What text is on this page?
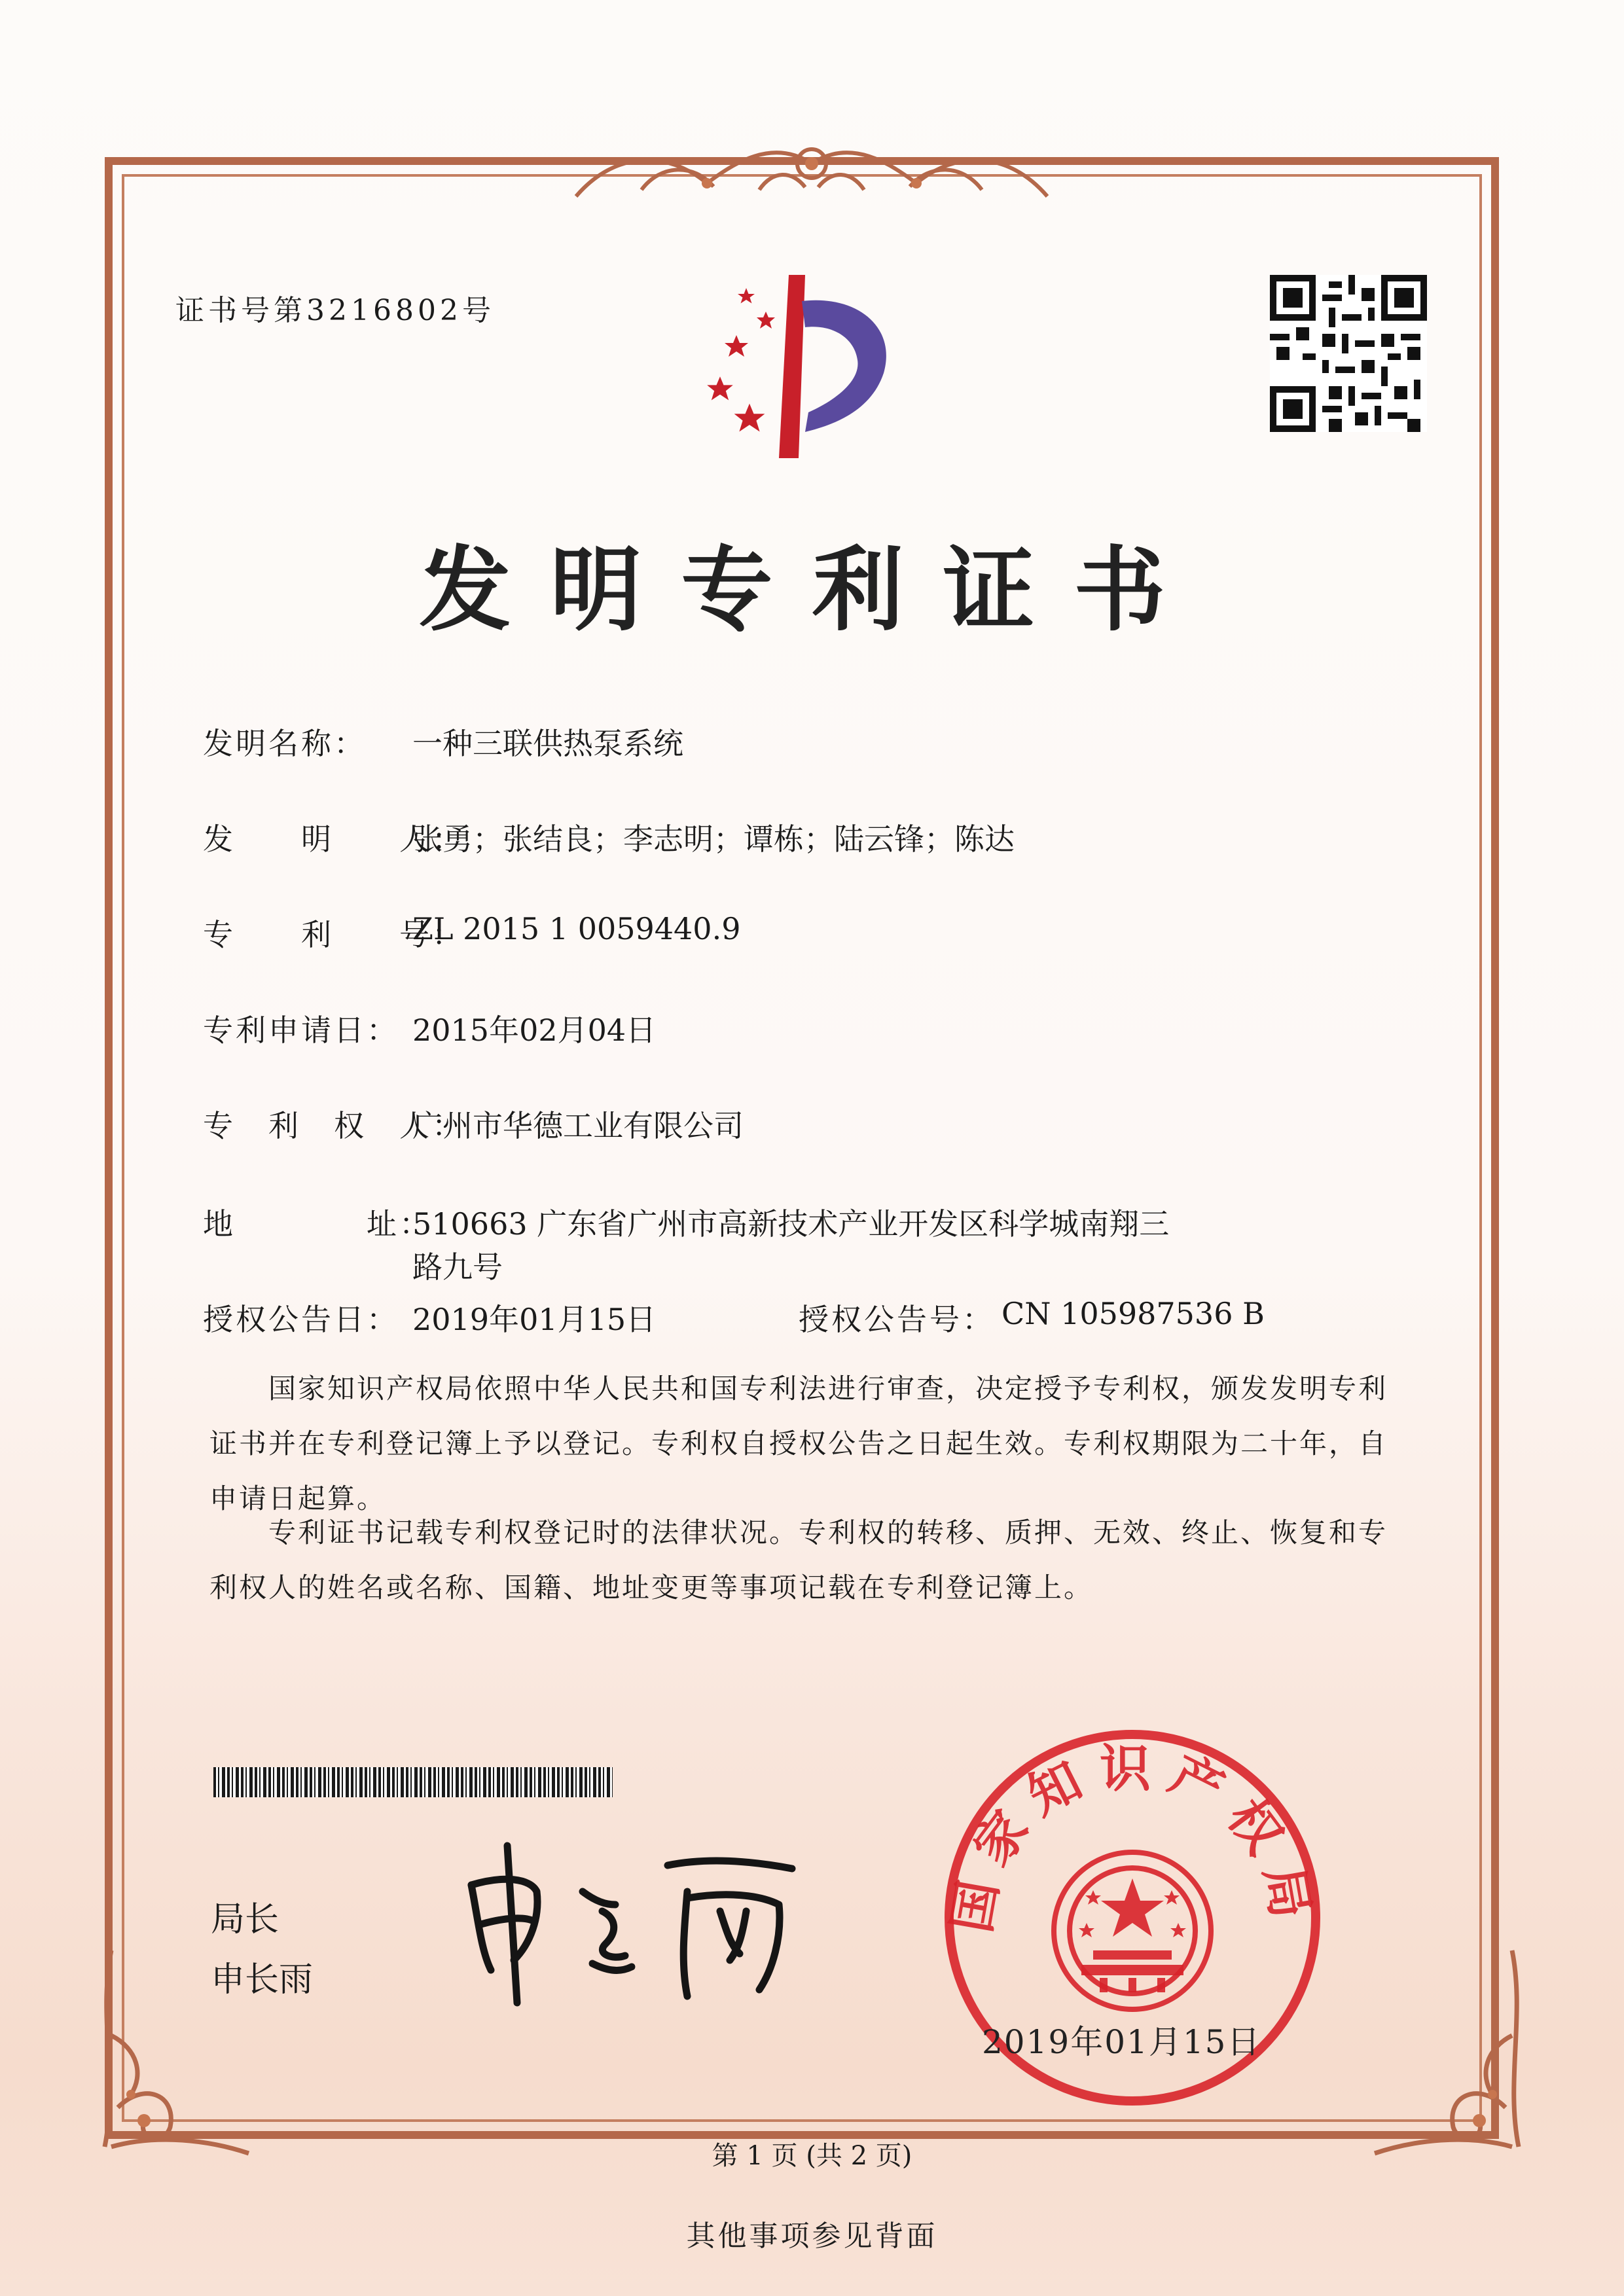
证书号第3216802号
发明专利证书
发明名称： 一种三联供热泵系统
发　　明　　人：
张勇；张结良；李志明；谭栋；陆云锋；陈达
专　　利　　号：
ZL 2015 1 0059440.9
专利申请日： 2015年02月04日
专　利　权　人：
广州市华德工业有限公司
地　　　　址：
510663 广东省广州市高新技术产业开发区科学城南翔三
路九号
授权公告日： 2019年01月15日	授权公告号： CN 105987536 B
国家知识产权局依照中华人民共和国专利法进行审查，决定授予专利权，颁发发明专利证书并在专利登记簿上予以登记。专利权自授权公告之日起生效。专利权期限为二十年，自申请日起算。
专利证书记载专利权登记时的法律状况。专利权的转移、质押、无效、终止、恢复和专利权人的姓名或名称、国籍、地址变更等事项记载在专利登记簿上。
局长
申长雨
国家知识产权局
2019年01月15日
第 1 页 (共 2 页)
其他事项参见背面
